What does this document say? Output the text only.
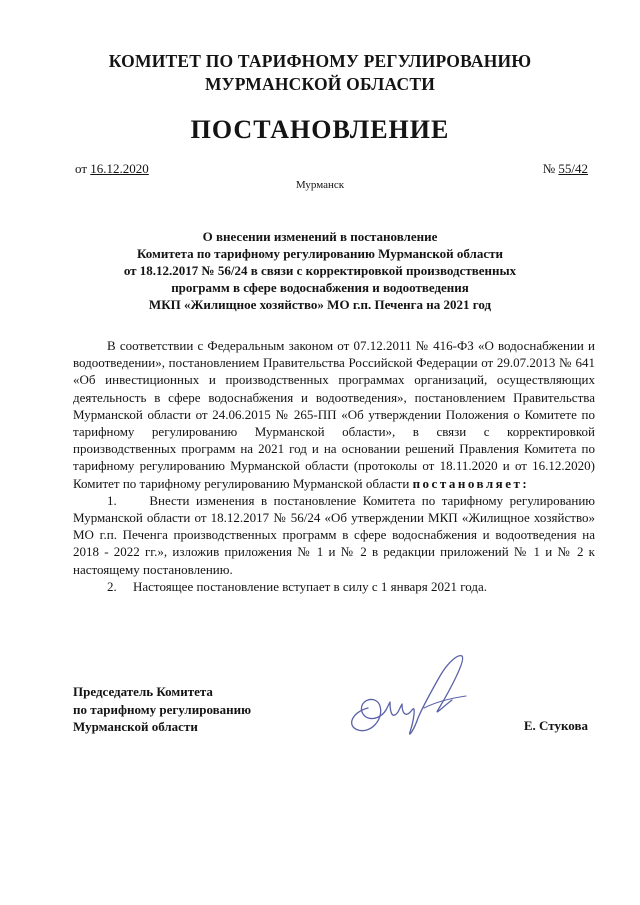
КОМИТЕТ ПО ТАРИФНОМУ РЕГУЛИРОВАНИЮ
МУРМАНСКОЙ ОБЛАСТИ
ПОСТАНОВЛЕНИЕ
от 16.12.2020	№ 55/42
Мурманск
О внесении изменений в постановление
Комитета по тарифному регулированию Мурманской области
от 18.12.2017 № 56/24 в связи с корректировкой производственных
программ в сфере водоснабжения и водоотведения
МКП «Жилищное хозяйство» МО г.п. Печенга на 2021 год

В соответствии с Федеральным законом от 07.12.2011 № 416-ФЗ «О водоснабжении и водоотведении», постановлением Правительства Российской Федерации от 29.07.2013 № 641 «Об инвестиционных и производственных программах организаций, осуществляющих деятельность в сфере водоснабжения и водоотведения», постановлением Правительства Мурманской области от 24.06.2015 № 265-ПП «Об утверждении Положения о Комитете по тарифному регулированию Мурманской области», в связи с корректировкой производственных программ на 2021 год и на основании решений Правления Комитета по тарифному регулированию Мурманской области (протоколы от 18.11.2020 и от 16.12.2020) Комитет по тарифному регулированию Мурманской области постановляет:

1.	Внести изменения в постановление Комитета по тарифному регулированию Мурманской области от 18.12.2017 № 56/24 «Об утверждении МКП «Жилищное хозяйство» МО г.п. Печенга производственных программ в сфере водоснабжения и водоотведения на 2018 - 2022 гг.», изложив приложения № 1 и № 2 в редакции приложений № 1 и № 2 к настоящему постановлению.

2. Настоящее постановление вступает в силу с 1 января 2021 года.

Председатель Комитета
по тарифному регулированию
Мурманской области	Е. Стукова
